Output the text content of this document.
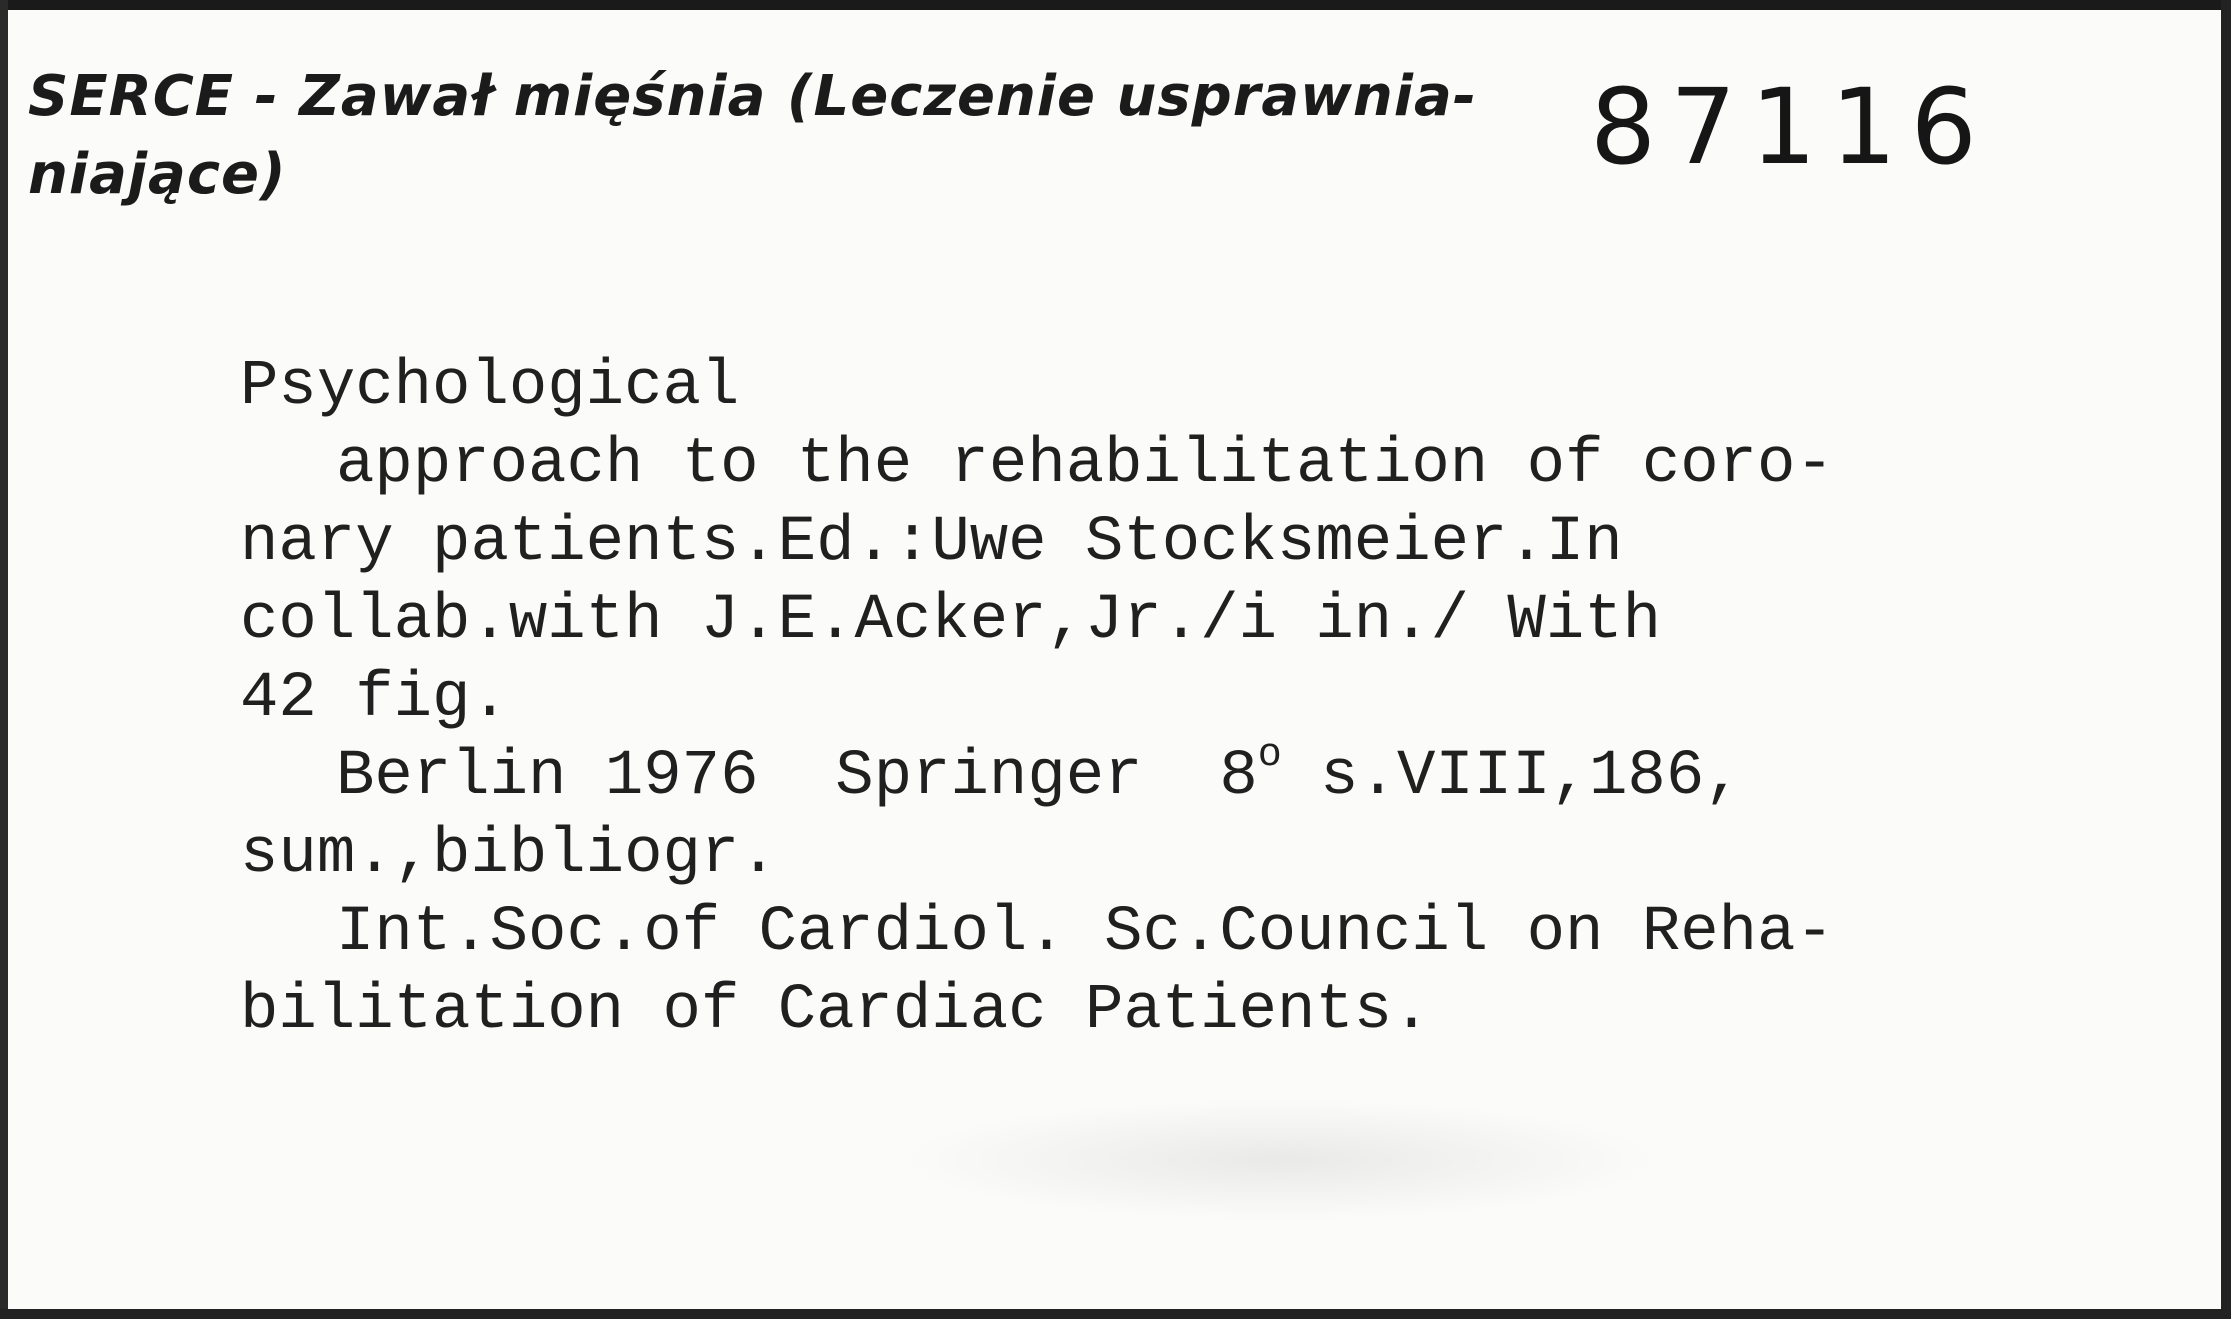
SERCE - Zawał mięśnia (Leczenie usprawnia-
niające)	87116
Psychological
approach to the rehabilitation of coro-
nary patients.Ed.:Uwe Stocksmeier.In
collab.with J.E.Acker,Jr./i in./ With
42 fig.
Berlin 1976  Springer  8$^o$ s.VIII,186,
sum.,bibliogr.
Int.Soc.of Cardiol. Sc.Council on Reha-
bilitation of Cardiac Patients.
